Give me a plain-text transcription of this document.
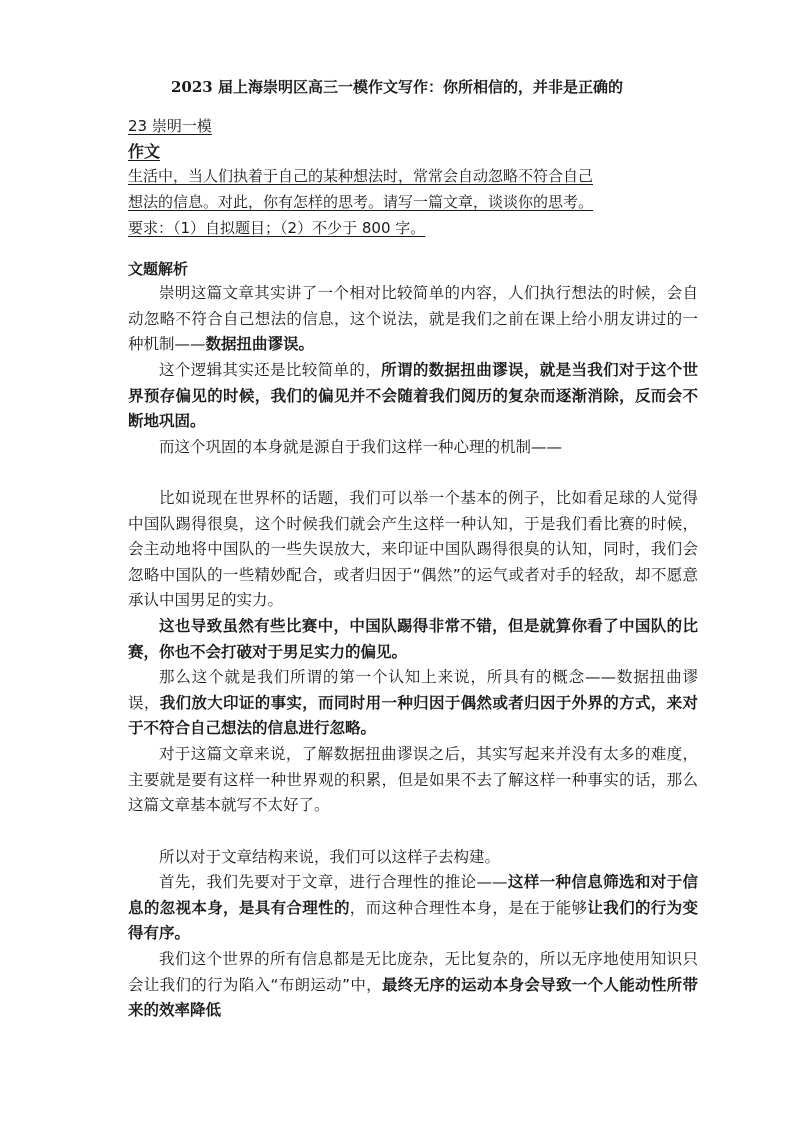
2023 届上海崇明区高三一模作文写作：你所相信的，并非是正确的
23 崇明一模
作文
生活中，当人们执着于自己的某种想法时，常常会自动忽略不符合自己
想法的信息。对此，你有怎样的思考。请写一篇文章，谈谈你的思考。
要求：（1）自拟题目；（2）不少于 800 字。
文题解析
崇明这篇文章其实讲了一个相对比较简单的内容，人们执行想法的时候，会自动忽略不符合自己想法的信息，这个说法，就是我们之前在课上给小朋友讲过的一种机制——数据扭曲谬误。
这个逻辑其实还是比较简单的，所谓的数据扭曲谬误，就是当我们对于这个世界预存偏见的时候，我们的偏见并不会随着我们阅历的复杂而逐渐消除，反而会不断地巩固。
而这个巩固的本身就是源自于我们这样一种心理的机制——
比如说现在世界杯的话题，我们可以举一个基本的例子，比如看足球的人觉得中国队踢得很臭，这个时候我们就会产生这样一种认知，于是我们看比赛的时候，会主动地将中国队的一些失误放大，来印证中国队踢得很臭的认知，同时，我们会忽略中国队的一些精妙配合，或者归因于“偶然”的运气或者对手的轻敌，却不愿意承认中国男足的实力。
这也导致虽然有些比赛中，中国队踢得非常不错，但是就算你看了中国队的比赛，你也不会打破对于男足实力的偏见。
那么这个就是我们所谓的第一个认知上来说，所具有的概念——数据扭曲谬误，我们放大印证的事实，而同时用一种归因于偶然或者归因于外界的方式，来对于不符合自己想法的信息进行忽略。
对于这篇文章来说，了解数据扭曲谬误之后，其实写起来并没有太多的难度，主要就是要有这样一种世界观的积累，但是如果不去了解这样一种事实的话，那么这篇文章基本就写不太好了。
所以对于文章结构来说，我们可以这样子去构建。
首先，我们先要对于文章，进行合理性的推论——这样一种信息筛选和对于信息的忽视本身，是具有合理性的，而这种合理性本身，是在于能够让我们的行为变得有序。
我们这个世界的所有信息都是无比庞杂，无比复杂的，所以无序地使用知识只会让我们的行为陷入“布朗运动”中，最终无序的运动本身会导致一个人能动性所带来的效率降低
